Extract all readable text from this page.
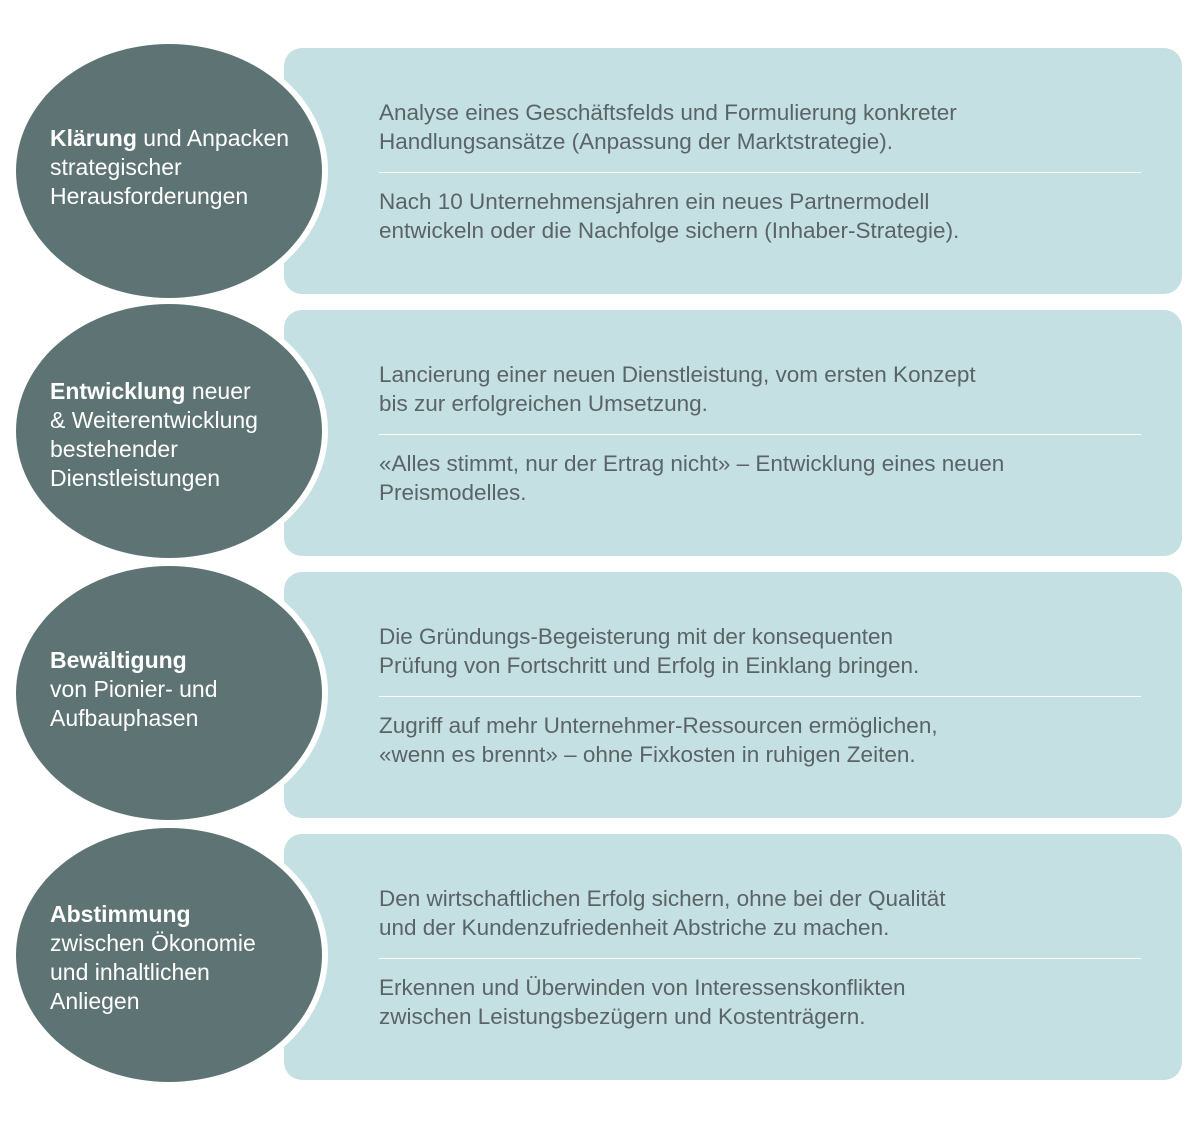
Analyse eines Geschäftsfelds und Formulierung konkreter
Handlungsansätze (Anpassung der Marktstrategie).

Nach 10 Unternehmensjahren ein neues Partnermodell
entwickeln oder die Nachfolge sichern (Inhaber-Strategie).

Klärung und Anpacken
strategischer
Herausforderungen

Lancierung einer neuen Dienstleistung, vom ersten Konzept
bis zur erfolgreichen Umsetzung.

«Alles stimmt, nur der Ertrag nicht» – Entwicklung eines neuen
Preismodelles.

Entwicklung neuer
& Weiterentwicklung
bestehender
Dienstleistungen

Die Gründungs-Begeisterung mit der konsequenten
Prüfung von Fortschritt und Erfolg in Einklang bringen.

Zugriff auf mehr Unternehmer-Ressourcen ermöglichen,
«wenn es brennt» – ohne Fixkosten in ruhigen Zeiten.

Bewältigung
von Pionier- und
Aufbauphasen

Den wirtschaftlichen Erfolg sichern, ohne bei der Qualität
und der Kundenzufriedenheit Abstriche zu machen.

Erkennen und Überwinden von Interessenskonflikten
zwischen Leistungsbezügern und Kostenträgern.

Abstimmung
zwischen Ökonomie
und inhaltlichen
Anliegen
